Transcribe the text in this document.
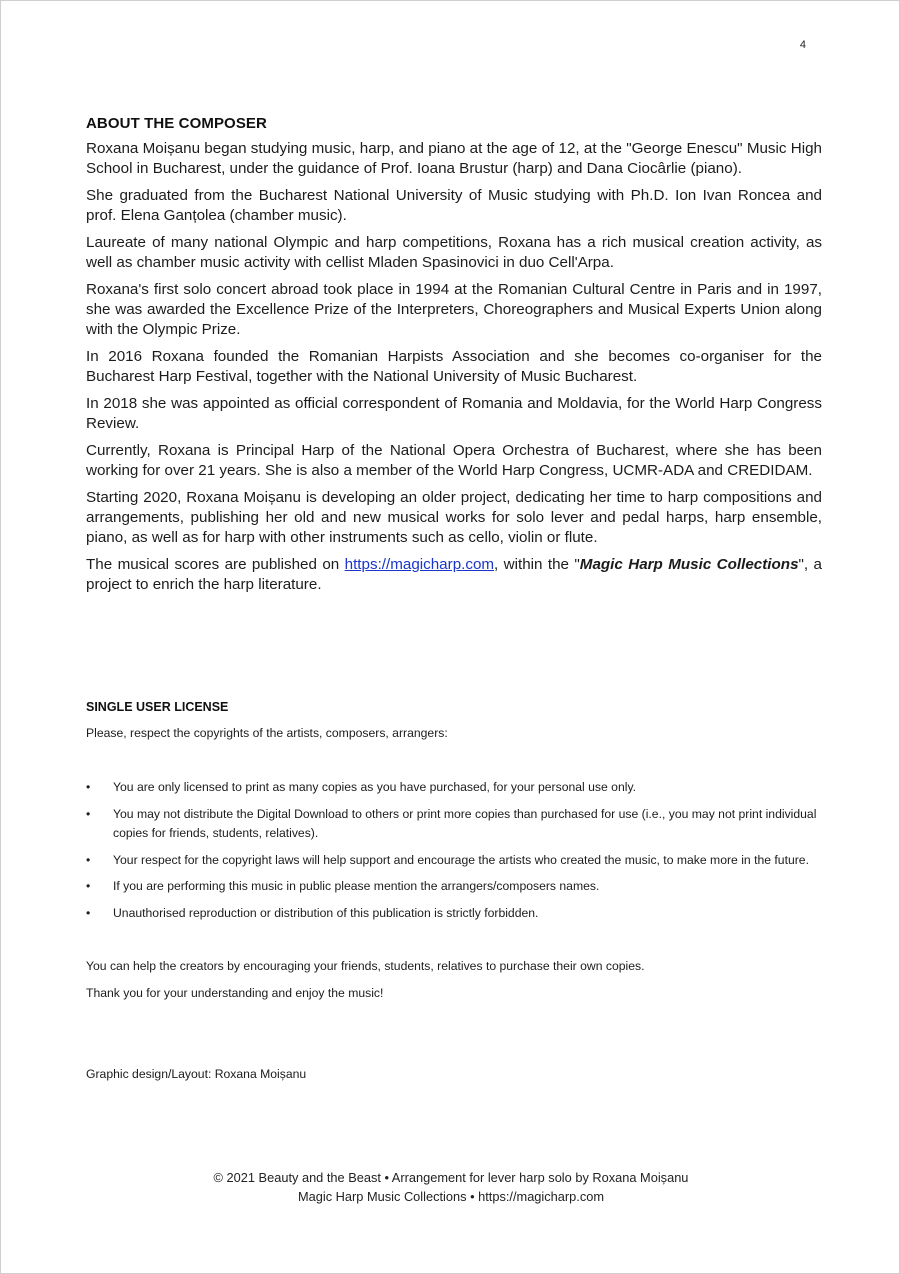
4
ABOUT THE COMPOSER

Roxana Moișanu began studying music, harp, and piano at the age of 12, at the "George Enescu" Music High School in Bucharest, under the guidance of Prof. Ioana Brustur (harp) and Dana Ciocârlie (piano).

She graduated from the Bucharest National University of Music studying with Ph.D. Ion Ivan Roncea and prof. Elena Ganțolea (chamber music).

Laureate of many national Olympic and harp competitions, Roxana has a rich musical creation activity, as well as chamber music activity with cellist Mladen Spasinovici in duo Cell'Arpa.

Roxana's first solo concert abroad took place in 1994 at the Romanian Cultural Centre in Paris and in 1997, she was awarded the Excellence Prize of the Interpreters, Choreographers and Musical Experts Union along with the Olympic Prize.

In 2016 Roxana founded the Romanian Harpists Association and she becomes co-organiser for the Bucharest Harp Festival, together with the National University of Music Bucharest.

In 2018 she was appointed as official correspondent of Romania and Moldavia, for the World Harp Congress Review.

Currently, Roxana is Principal Harp of the National Opera Orchestra of Bucharest, where she has been working for over 21 years. She is also a member of the World Harp Congress, UCMR-ADA and CREDIDAM.

Starting 2020, Roxana Moișanu is developing an older project, dedicating her time to harp compositions and arrangements, publishing her old and new musical works for solo lever and pedal harps, harp ensemble, piano, as well as for harp with other instruments such as cello, violin or flute.

The musical scores are published on https://magicharp.com, within the "Magic Harp Music Collections", a project to enrich the harp literature.

SINGLE USER LICENSE

Please, respect the copyrights of the artists, composers, arrangers:

• You are only licensed to print as many copies as you have purchased, for your personal use only.
• You may not distribute the Digital Download to others or print more copies than purchased for use (i.e., you may not print individual copies for friends, students, relatives).
• Your respect for the copyright laws will help support and encourage the artists who created the music, to make more in the future.
• If you are performing this music in public please mention the arrangers/composers names.
• Unauthorised reproduction or distribution of this publication is strictly forbidden.

You can help the creators by encouraging your friends, students, relatives to purchase their own copies.

Thank you for your understanding and enjoy the music!

Graphic design/Layout: Roxana Moișanu
© 2021 Beauty and the Beast • Arrangement for lever harp solo by Roxana Moișanu
Magic Harp Music Collections • https://magicharp.com
